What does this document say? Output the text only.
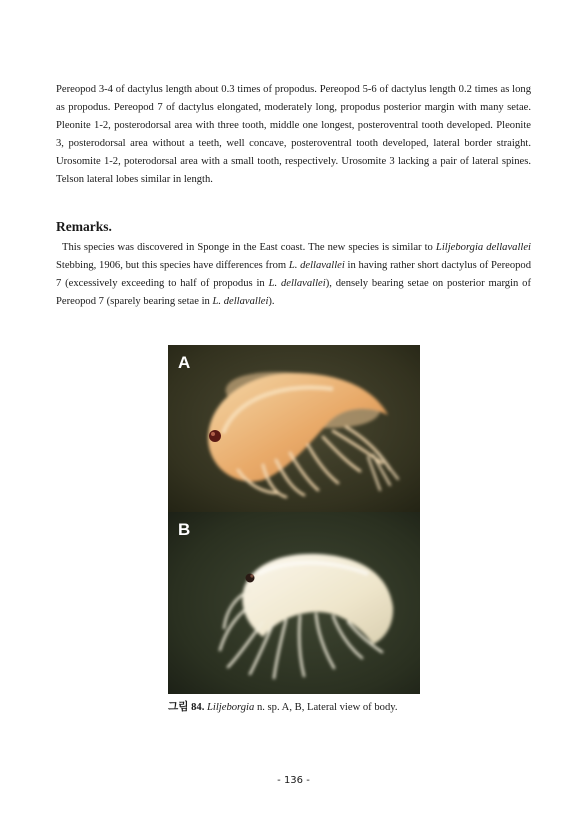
Pereopod 3-4 of dactylus length about 0.3 times of propodus. Pereopod 5-6 of dactylus length 0.2 times as long as propodus. Pereopod 7 of dactylus elongated, moderately long, propodus posterior margin with many setae. Pleonite 1-2, posterodorsal area with three tooth, middle one longest, posteroventral tooth developed. Pleonite 3, posterodorsal area without a teeth, well concave, posteroventral tooth developed, lateral border straight. Urosomite 1-2, poterodorsal area with a small tooth, respectively. Urosomite 3 lacking a pair of lateral spines. Telson lateral lobes similar in length.

Remarks.

This species was discovered in Sponge in the East coast. The new species is similar to Liljeborgia dellavallei Stebbing, 1906, but this species have differences from L. dellavallei in having rather short dactylus of Pereopod 7 (excessively exceeding to half of propodus in L. dellavallei), densely bearing setae on posterior margin of Pereopod 7 (sparely bearing setae in L. dellavallei).

A
B

그림 84. Liljeborgia n. sp. A, B, Lateral view of body.

- 136 -
